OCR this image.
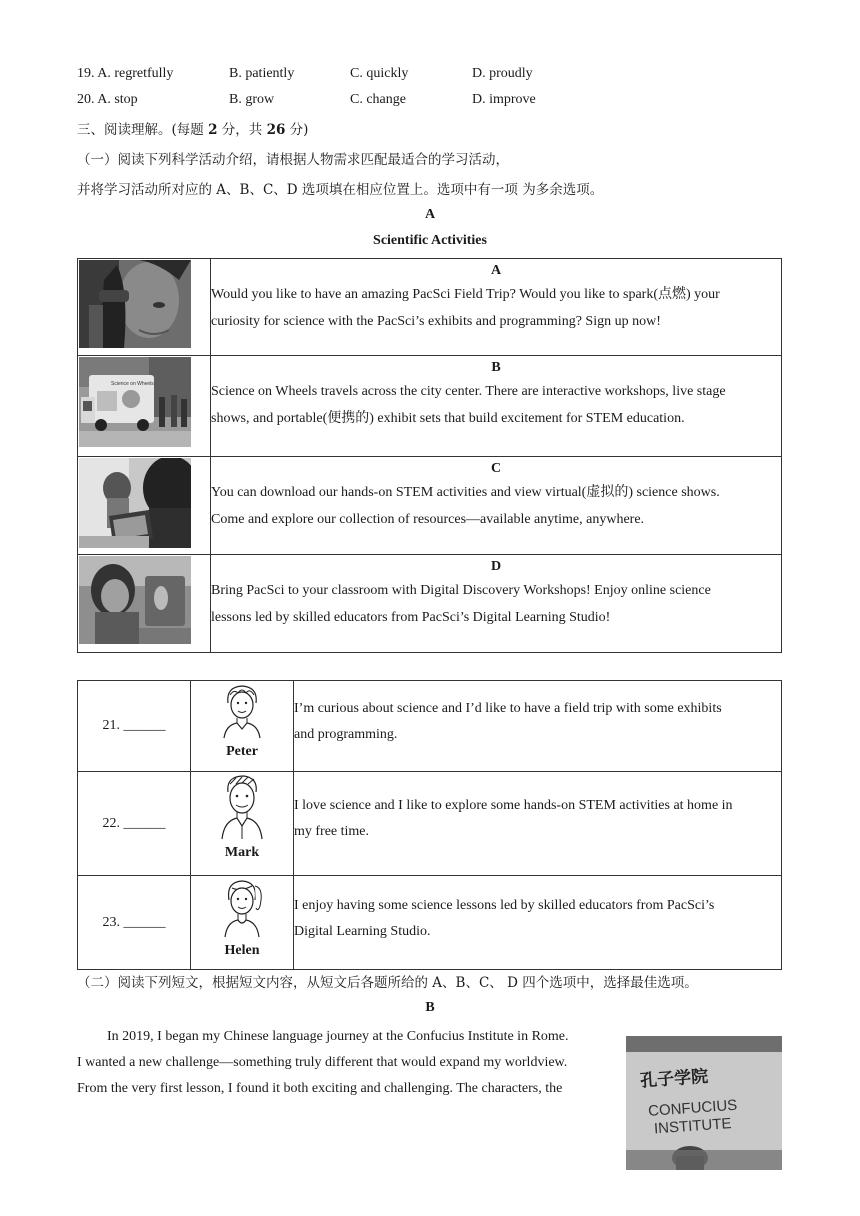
19. A. regretfully	B. patiently	C. quickly	D. proudly
20. A. stop	B. grow	C. change	D. improve
三、阅读理解。(每题 2 分，共 26 分)
（一）阅读下列科学活动介绍，请根据人物需求匹配最适合的学习活动，
并将学习活动所对应的 A、B、C、D 选项填在相应位置上。选项中有一项 为多余选项。
A
Scientific Activities

A
Would you like to have an amazing PacSci Field Trip? Would you like to spark(点燃) your
curiosity for science with the PacSci’s exhibits and programming? Sign up now!

Science on Wheels	B
Science on Wheels travels across the city center. There are interactive workshops, live stage
shows, and portable(便携的) exhibit sets that build excitement for STEM education.

C
You can download our hands-on STEM activities and view virtual(虚拟的) science shows.
Come and explore our collection of resources—available anytime, anywhere.

D
Bring PacSci to your classroom with Digital Discovery Workshops! Enjoy online science
lessons led by skilled educators from PacSci’s Digital Learning Studio!
21. ______	Peter	I’m curious about science and I’d like to have a field trip with some exhibits
and programming.

22. ______	Mark	I love science and I like to explore some hands-on STEM activities at home in
my free time.

23. ______	Helen	I enjoy having some science lessons led by skilled educators from PacSci’s
Digital Learning Studio.
（二）阅读下列短文，根据短文内容，从短文后各题所给的 A、B、C、 D 四个选项中，选择最佳选项。
B
In 2019, I began my Chinese language journey at the Confucius Institute in Rome.
I wanted a new challenge—something truly different that would expand my worldview.
From the very first lesson, I found it both exciting and challenging. The characters, the	孔子学院
CONFUCIUS
INSTITUTE
